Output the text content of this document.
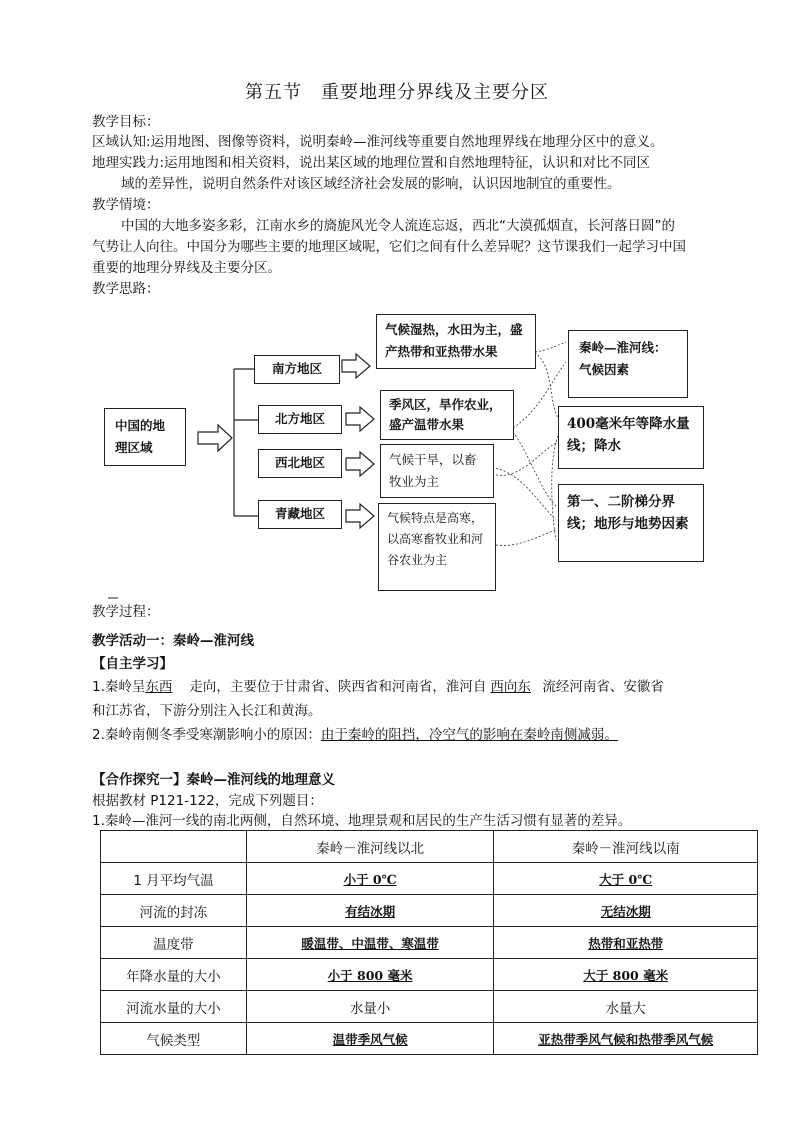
第五节　重要地理分界线及主要分区
教学目标：
区域认知:运用地图、图像等资料，说明秦岭—淮河线等重要自然地理界线在地理分区中的意义。
地理实践力:运用地图和相关资料，说出某区域的地理位置和自然地理特征，认识和对比不同区
域的差异性，说明自然条件对该区域经济社会发展的影响，认识因地制宜的重要性。
教学情境：
中国的大地多姿多彩，江南水乡的旖旎风光令人流连忘返，西北“大漠孤烟直，长河落日圆”的
气势让人向往。中国分为哪些主要的地理区域呢，它们之间有什么差异呢？这节课我们一起学习中国
重要的地理分界线及主要分区。
教学思路：
中国的地理区域
南方地区
北方地区
西北地区
青藏地区
气候湿热，水田为主，盛产热带和亚热带水果
季风区，旱作农业，盛产温带水果
气候干旱，以畜牧业为主
气候特点是高寒，以高寒畜牧业和河谷农业为主
秦岭—淮河线：气候因素
400毫米年等降水量线；降水
第一、二阶梯分界线；地形与地势因素
教学过程：
教学活动一：秦岭—淮河线
【自主学习】
1.秦岭呈东西 走向，主要位于甘肃省、陕西省和河南省，淮河自 西向东 流经河南省、安徽省
和江苏省，下游分别注入长江和黄海。
2.秦岭南侧冬季受寒潮影响小的原因：由于秦岭的阻挡，冷空气的影响在秦岭南侧减弱。
【合作探究一】秦岭—淮河线的地理意义
根据教材 P121-122，完成下列题目：
1.秦岭—淮河一线的南北两侧，自然环境、地理景观和居民的生产生活习惯有显著的差异。
	秦岭－淮河线以北	秦岭－淮河线以南
1 月平均气温	小于 0℃	大于 0℃
河流的封冻	有结冰期	无结冰期
温度带	暖温带、中温带、寒温带	热带和亚热带
年降水量的大小	小于 800 毫米	大于 800 毫米
河流水量的大小	水量小	水量大
气候类型	温带季风气候	亚热带季风气候和热带季风气候
